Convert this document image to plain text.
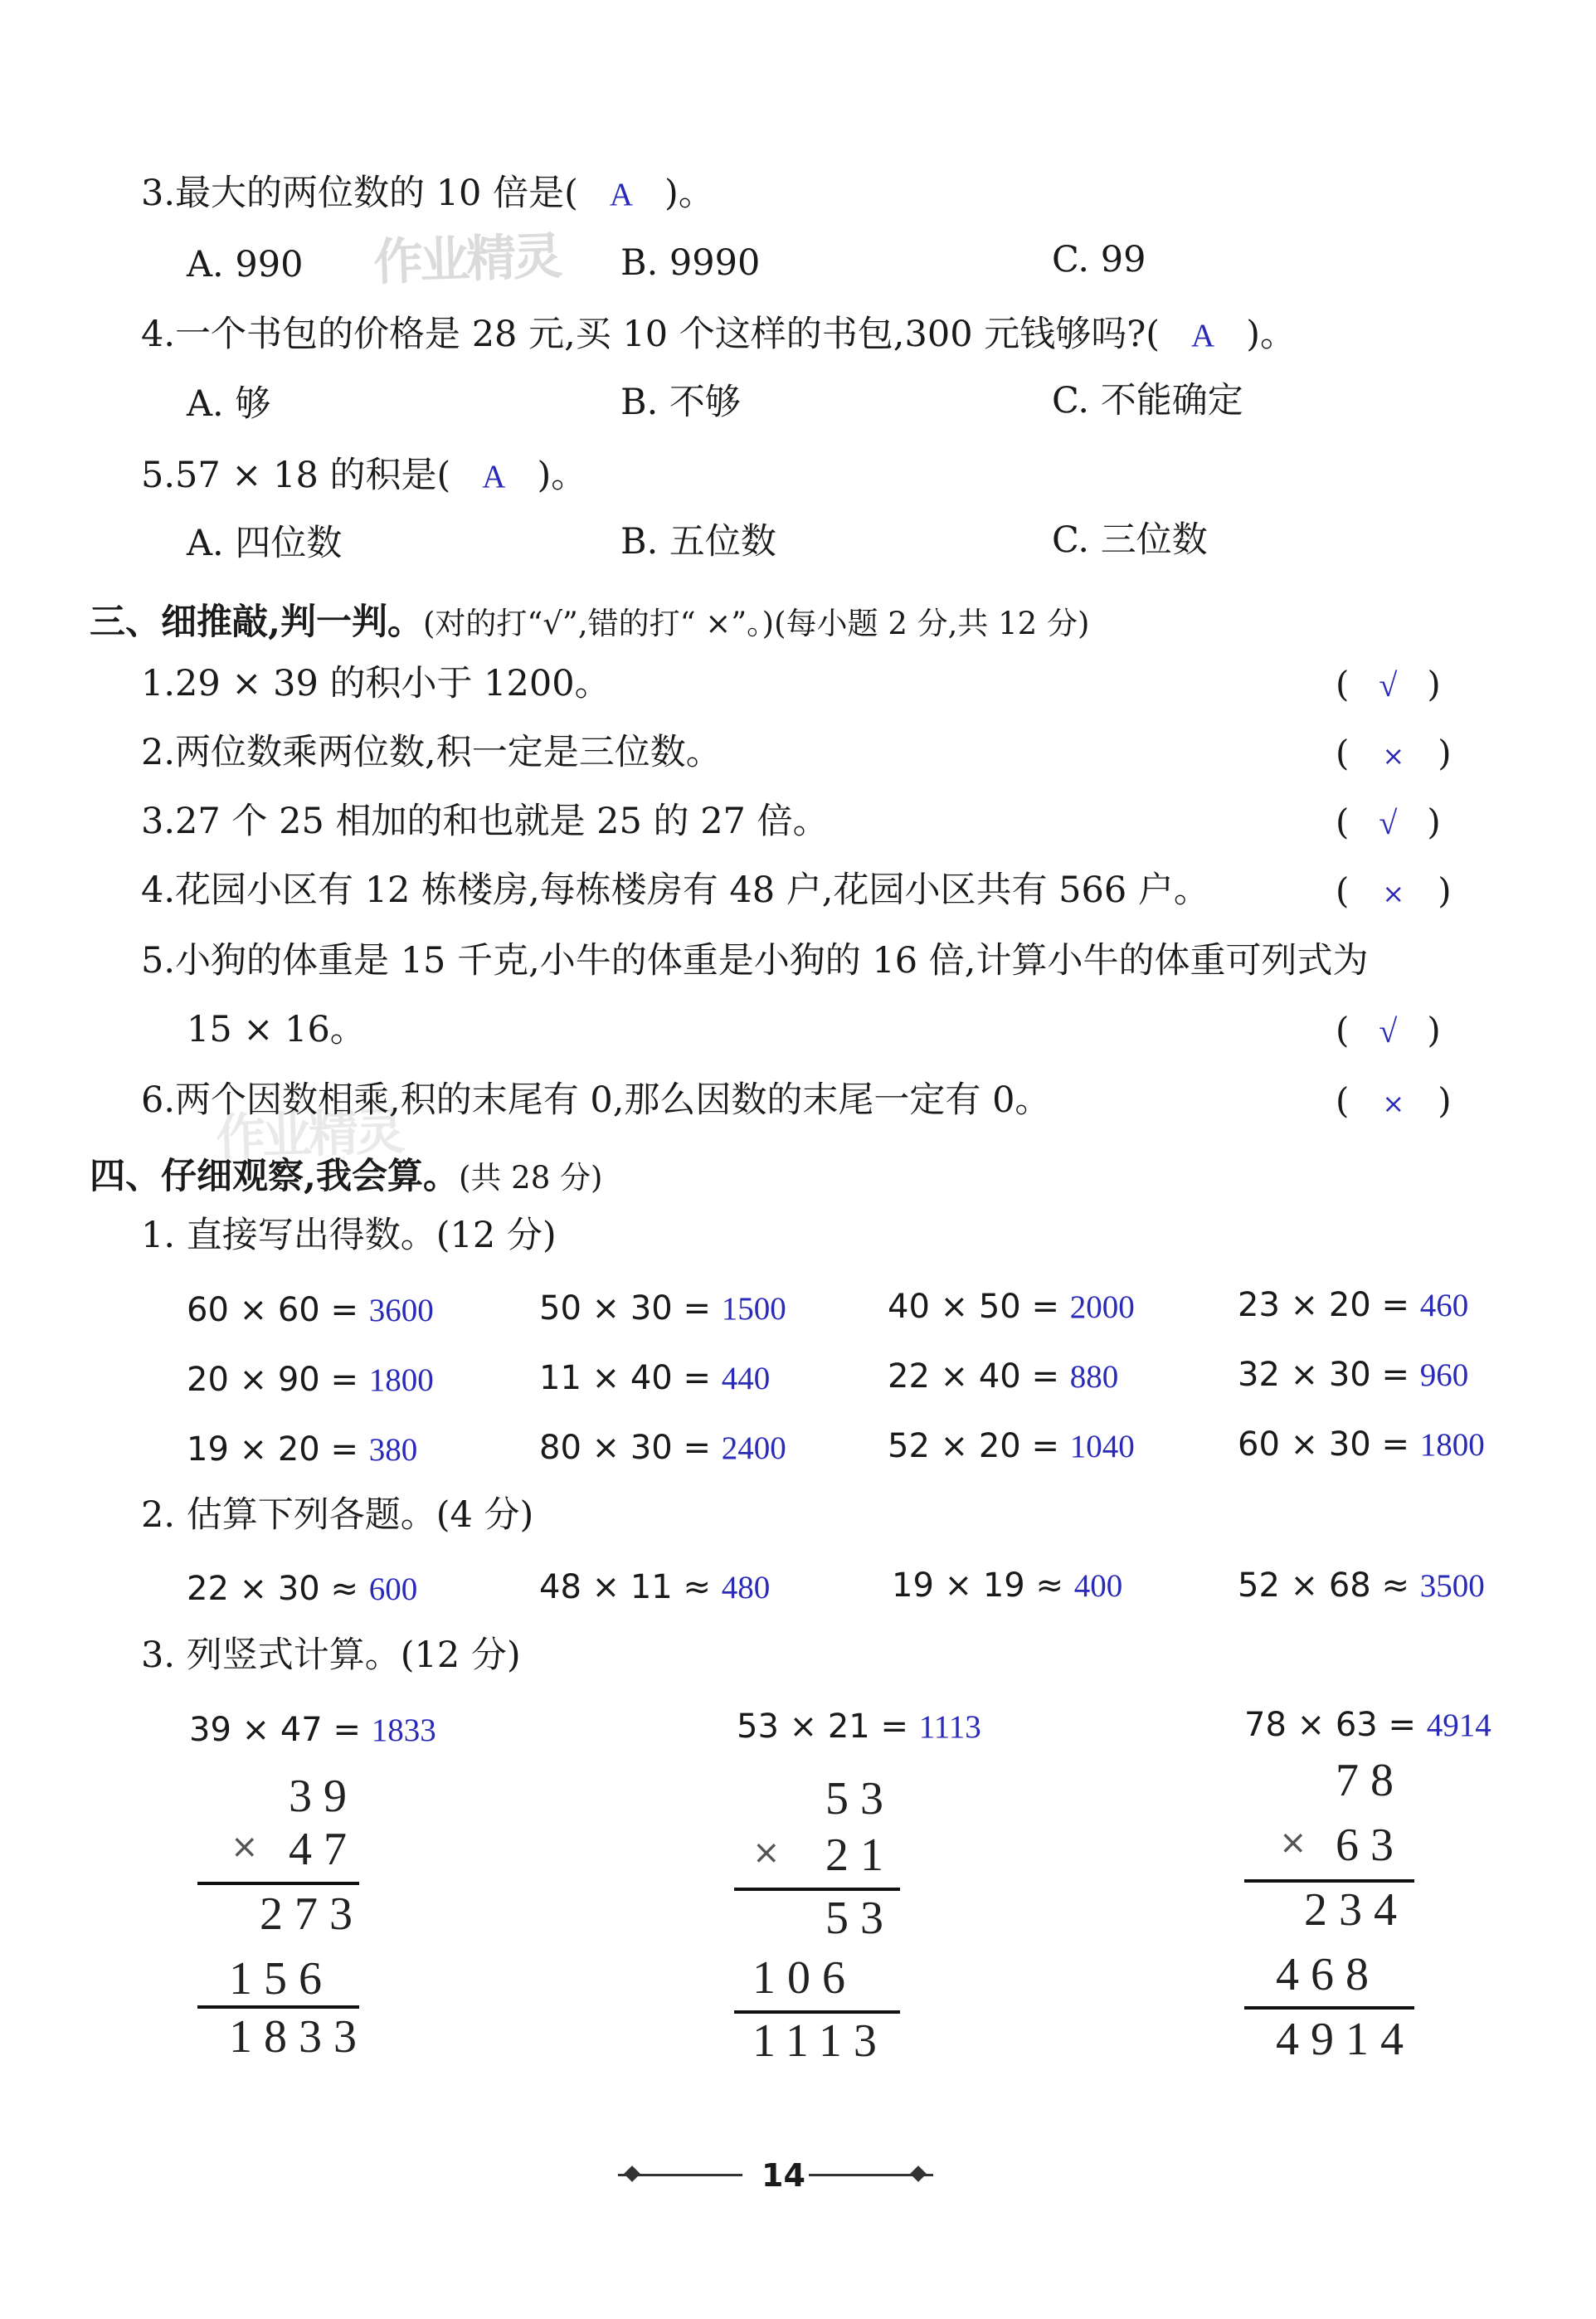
作业精灵
作业精灵
3.最大的两位数的 10 倍是( A )。
A. 990	B. 9990	C. 99
4.一个书包的价格是 28 元,买 10 个这样的书包,300 元钱够吗?( A )。
A. 够	B. 不够	C. 不能确定
5.57 × 18 的积是( A )。
A. 四位数	B. 五位数	C. 三位数
三、细推敲,判一判。(对的打“√”,错的打“ ×”。)(每小题 2 分,共 12 分)
1.29 × 39 的积小于 1200。	( √ )
2.两位数乘两位数,积一定是三位数。	( × )
3.27 个 25 相加的和也就是 25 的 27 倍。	( √ )
4.花园小区有 12 栋楼房,每栋楼房有 48 户,花园小区共有 566 户。	( × )
5.小狗的体重是 15 千克,小牛的体重是小狗的 16 倍,计算小牛的体重可列式为
15 × 16。	( √ )
6.两个因数相乘,积的末尾有 0,那么因数的末尾一定有 0。	( × )
四、仔细观察,我会算。(共 28 分)
1. 直接写出得数。(12 分)
60 × 60 = 3600	50 × 30 = 1500	40 × 50 = 2000	23 × 20 = 460
20 × 90 = 1800	11 × 40 = 440	22 × 40 = 880	32 × 30 = 960
19 × 20 = 380	80 × 30 = 2400	52 × 20 = 1040	60 × 30 = 1800
2. 估算下列各题。(4 分)
22 × 30 ≈ 600	48 × 11 ≈ 480	19 × 19 ≈ 400	52 × 68 ≈ 3500
3. 列竖式计算。(12 分)
39 × 47 = 1833	53 × 21 = 1113	78 × 63 = 4914
39
× 47
273
156
1833
53
× 21
53
106
1113
78
× 63
234
468
4914
14
